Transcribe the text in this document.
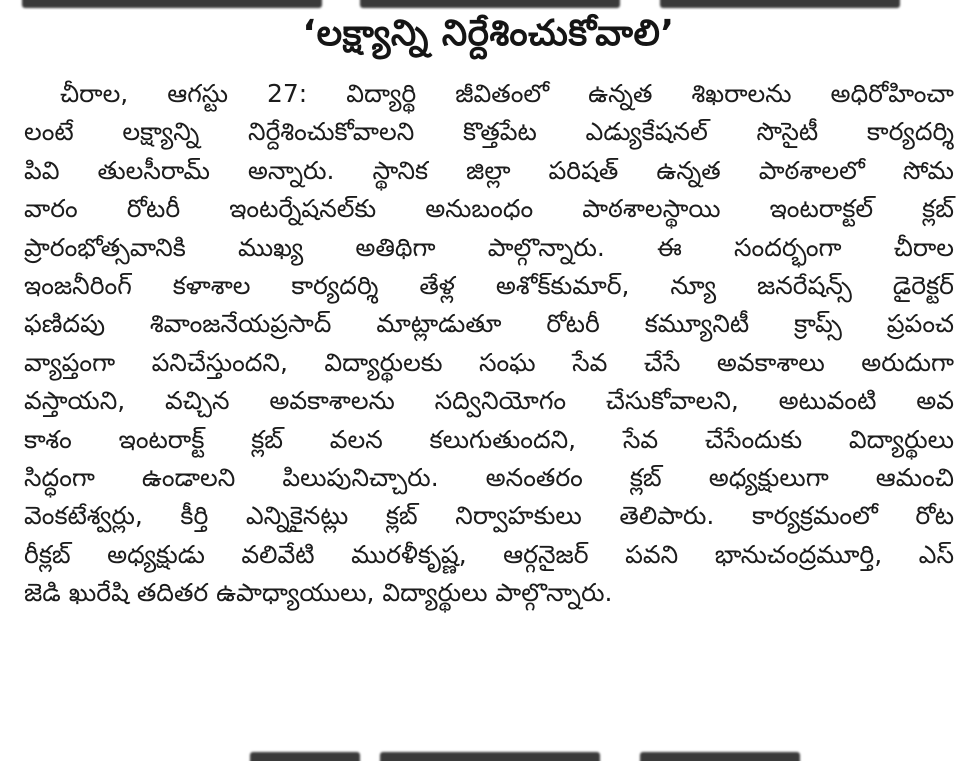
‘లక్ష్యాన్ని నిర్దేశించుకోవాలి’
చీరాల, ఆగస్టు 27: విద్యార్థి జీవితంలో ఉన్నత శిఖరాలను అధిరోహించా
లంటే లక్ష్యాన్ని నిర్దేశించుకోవాలని కొత్తపేట ఎడ్యుకేషనల్ సొసైటీ కార్యదర్శి
పివి తులసీరామ్ అన్నారు. స్థానిక జిల్లా పరిషత్ ఉన్నత పాఠశాలలో సోమ
వారం రోటరీ ఇంటర్నేషనల్‌కు అనుబంధం పాఠశాలస్థాయి ఇంటరాక్టల్ క్లబ్
ప్రారంభోత్సవానికి ముఖ్య అతిథిగా పాల్గొన్నారు. ఈ సందర్భంగా చీరాల
ఇంజనీరింగ్ కళాశాల కార్యదర్శి తేళ్ల అశోక్‌కుమార్, న్యూ జనరేషన్స్ డైరెక్టర్
ఫణిదపు శివాంజనేయప్రసాద్ మాట్లాడుతూ రోటరీ కమ్యూనిటీ క్రాప్స్ ప్రపంచ
వ్యాప్తంగా పనిచేస్తుందని, విద్యార్థులకు సంఘ సేవ చేసే అవకాశాలు అరుదుగా
వస్తాయని, వచ్చిన అవకాశాలను సద్వినియోగం చేసుకోవాలని, అటువంటి అవ
కాశం ఇంటరాక్ట్ క్లబ్ వలన కలుగుతుందని, సేవ చేసేందుకు విద్యార్థులు
సిద్ధంగా ఉండాలని పిలుపునిచ్చారు. అనంతరం క్లబ్ అధ్యక్షులుగా ఆమంచి
వెంకటేశ్వర్లు, కీర్తి ఎన్నికైనట్లు క్లబ్ నిర్వాహకులు తెలిపారు. కార్యక్రమంలో రోట
రీక్లబ్ అధ్యక్షుడు వలివేటి మురళీకృష్ణ, ఆర్గనైజర్ పవని భానుచంద్రమూర్తి, ఎస్
జెడి ఖురేషి తదితర ఉపాధ్యాయులు, విద్యార్థులు పాల్గొన్నారు.
